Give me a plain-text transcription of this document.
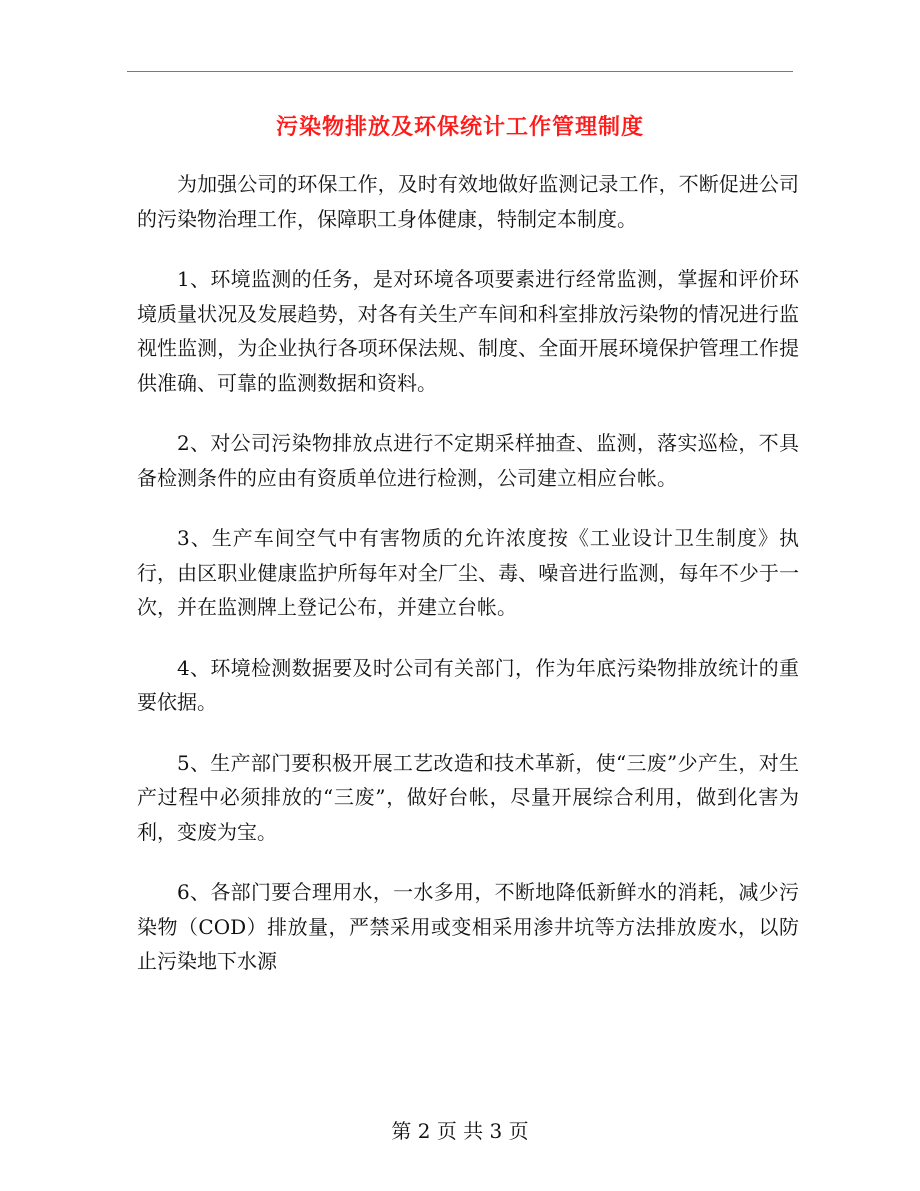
污染物排放及环保统计工作管理制度

为加强公司的环保工作，及时有效地做好监测记录工作，不断促进公司的污染物治理工作，保障职工身体健康，特制定本制度。

1、环境监测的任务，是对环境各项要素进行经常监测，掌握和评价环境质量状况及发展趋势，对各有关生产车间和科室排放污染物的情况进行监视性监测，为企业执行各项环保法规、制度、全面开展环境保护管理工作提供准确、可靠的监测数据和资料。

2、对公司污染物排放点进行不定期采样抽查、监测，落实巡检，不具备检测条件的应由有资质单位进行检测，公司建立相应台帐。

3、生产车间空气中有害物质的允许浓度按《工业设计卫生制度》执行，由区职业健康监护所每年对全厂尘、毒、噪音进行监测，每年不少于一次，并在监测牌上登记公布，并建立台帐。

4、环境检测数据要及时公司有关部门，作为年底污染物排放统计的重要依据。

5、生产部门要积极开展工艺改造和技术革新，使“三废”少产生，对生产过程中必须排放的“三废”，做好台帐，尽量开展综合利用，做到化害为利，变废为宝。

6、各部门要合理用水，一水多用，不断地降低新鲜水的消耗，减少污染物（COD）排放量，严禁采用或变相采用渗井坑等方法排放废水，以防止污染地下水源

第 2 页 共 3 页
